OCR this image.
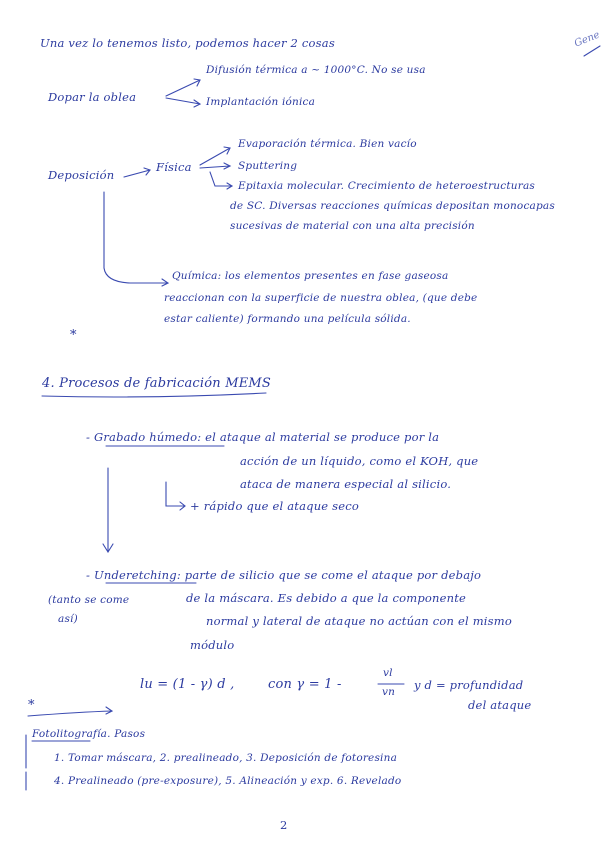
Gene
Una vez lo tenemos listo, podemos hacer 2 cosas
Dopar la oblea
Difusión térmica a ~ 1000°C. No se usa
Implantación iónica
Deposición
Física
Evaporación térmica. Bien vacío
Sputtering
Epitaxia molecular. Crecimiento de heteroestructuras
de SC. Diversas reacciones químicas depositan monocapas
sucesivas de material con una alta precisión
Química: los elementos presentes en fase gaseosa
reaccionan con la superficie de nuestra oblea, (que debe
estar caliente) formando una película sólida.
*
4. Procesos de fabricación MEMS
- Grabado húmedo: el ataque al material se produce por la
acción de un líquido, como el KOH, que
ataca de manera especial al silicio.
+ rápido que el ataque seco
- Underetching: parte de silicio que se come el ataque por debajo
(tanto se come	de la máscara. Es debido a que la componente
así)	normal y lateral de ataque no actúan con el mismo
módulo
lu = (1 - γ) d ,	con γ = 1 -
vl
vn y d = profundidad
del ataque
*
Fotolitografía. Pasos
1. Tomar máscara, 2. prealineado, 3. Deposición de fotoresina
4. Prealineado (pre-exposure), 5. Alineación y exp. 6. Revelado
2
